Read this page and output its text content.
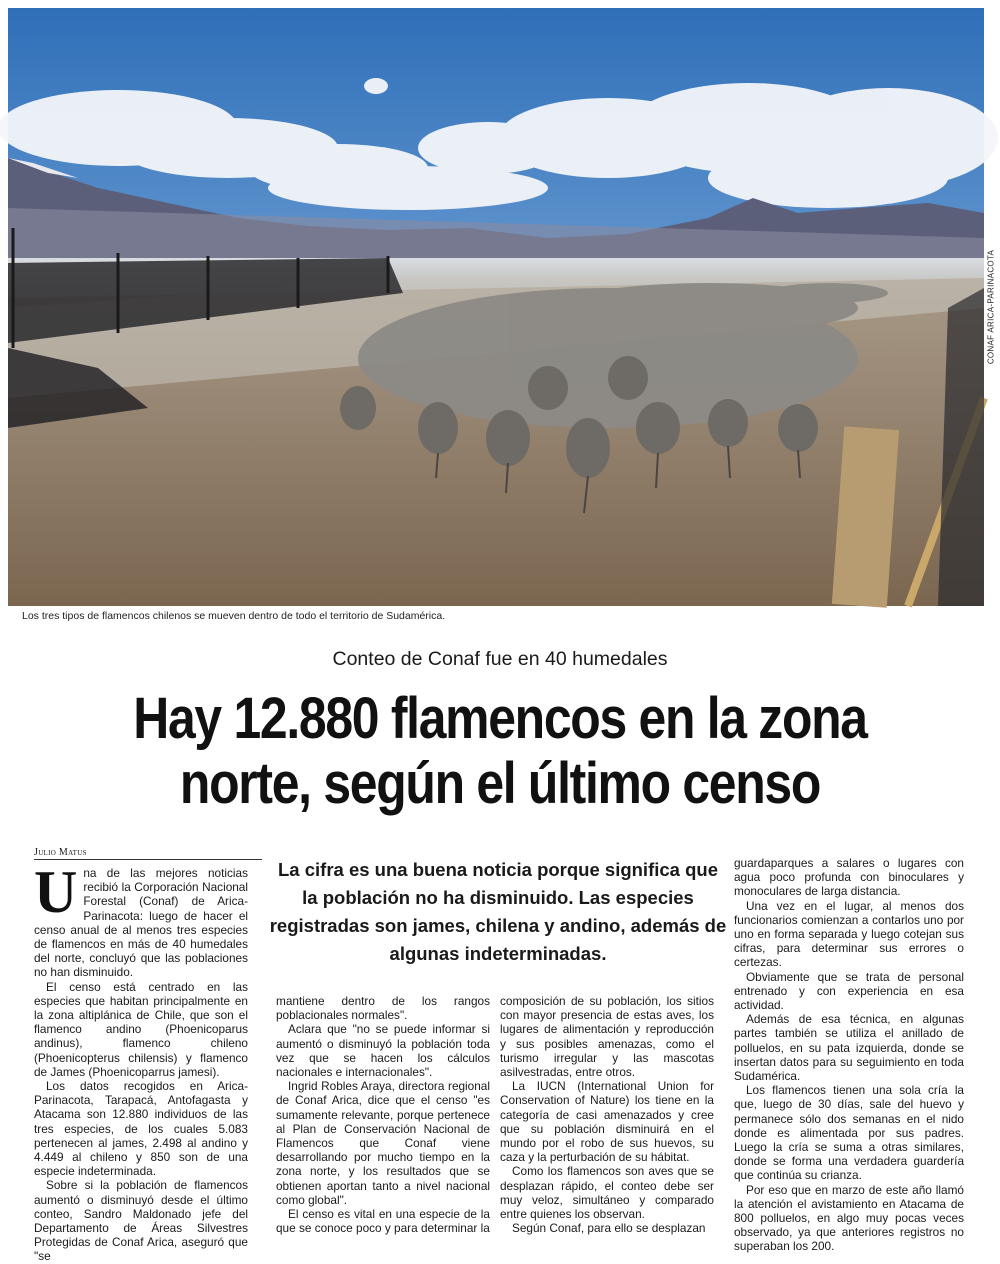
CONAF ARICA-PARINACOTA
Los tres tipos de flamencos chilenos se mueven dentro de todo el territorio de Sudamérica.
Conteo de Conaf fue en 40 humedales
Hay 12.880 flamencos en la zona
norte, según el último censo
Julio Matus
La cifra es una buena noticia porque significa que la población no ha disminuido. Las especies registradas son james, chilena y andino, además de algunas indeterminadas.
U na de las mejores noticias recibió la Corporación Nacional Forestal (Conaf) de Arica-Parinacota: luego de hacer el censo anual de al menos tres especies de flamencos en más de 40 humedales del norte, concluyó que las poblaciones no han disminuido.

El censo está centrado en las especies que habitan principalmente en la zona altiplánica de Chile, que son el flamenco andino (Phoenicoparus andinus), flamenco chileno (Phoenicopterus chilensis) y flamenco de James (Phoenicoparrus jamesi).

Los datos recogidos en Arica-Parinacota, Tarapacá, Antofagasta y Atacama son 12.880 individuos de las tres especies, de los cuales 5.083 pertenecen al james, 2.498 al andino y 4.449 al chileno y 850 son de una especie indeterminada.

Sobre si la población de flamencos aumentó o disminuyó desde el último conteo, Sandro Maldonado jefe del Departamento de Áreas Silvestres Protegidas de Conaf Arica, aseguró que "se

mantiene dentro de los rangos poblacionales normales".

Aclara que "no se puede informar si aumentó o disminuyó la población toda vez que se hacen los cálculos nacionales e internacionales".

Ingrid Robles Araya, directora regional de Conaf Arica, dice que el censo "es sumamente relevante, porque pertenece al Plan de Conservación Nacional de Flamencos que Conaf viene desarrollando por mucho tiempo en la zona norte, y los resultados que se obtienen aportan tanto a nivel nacional como global".

El censo es vital en una especie de la que se conoce poco y para determinar la

composición de su población, los sitios con mayor presencia de estas aves, los lugares de alimentación y reproducción y sus posibles amenazas, como el turismo irregular y las mascotas asilvestradas, entre otros.

La IUCN (International Union for Conservation of Nature) los tiene en la categoría de casi amenazados y cree que su población disminuirá en el mundo por el robo de sus huevos, su caza y la perturbación de su hábitat.

Como los flamencos son aves que se desplazan rápido, el conteo debe ser muy veloz, simultáneo y comparado entre quienes los observan.

Según Conaf, para ello se desplazan

guardaparques a salares o lugares con agua poco profunda con binoculares y monoculares de larga distancia.

Una vez en el lugar, al menos dos funcionarios comienzan a contarlos uno por uno en forma separada y luego cotejan sus cifras, para determinar sus errores o certezas.

Obviamente que se trata de personal entrenado y con experiencia en esa actividad.

Además de esa técnica, en algunas partes también se utiliza el anillado de polluelos, en su pata izquierda, donde se insertan datos para su seguimiento en toda Sudamérica.

Los flamencos tienen una sola cría la que, luego de 30 días, sale del huevo y permanece sólo dos semanas en el nido donde es alimentada por sus padres. Luego la cría se suma a otras similares, donde se forma una verdadera guardería que continúa su crianza.

Por eso que en marzo de este año llamó la atención el avistamiento en Atacama de 800 polluelos, en algo muy pocas veces observado, ya que anteriores registros no superaban los 200.
